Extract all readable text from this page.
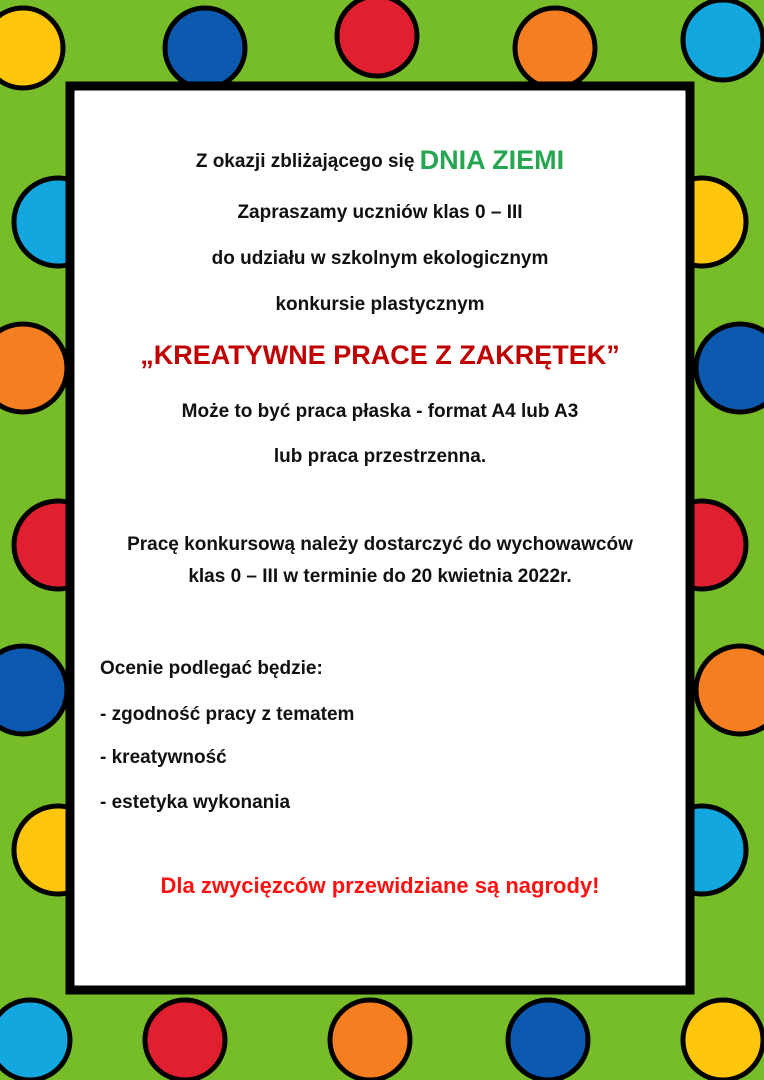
Z okazji zbliżającego się DNIA ZIEMI
Zapraszamy uczniów klas 0 – III
do udziału w szkolnym ekologicznym
konkursie plastycznym
„KREATYWNE PRACE Z ZAKRĘTEK”
Może to być praca płaska - format A4 lub A3
lub praca przestrzenna.
Pracę konkursową należy dostarczyć do wychowawców
klas 0 – III w terminie do 20 kwietnia 2022r.
Ocenie podlegać będzie:
- zgodność pracy z tematem
- kreatywność
- estetyka wykonania
Dla zwycięzców przewidziane są nagrody!
